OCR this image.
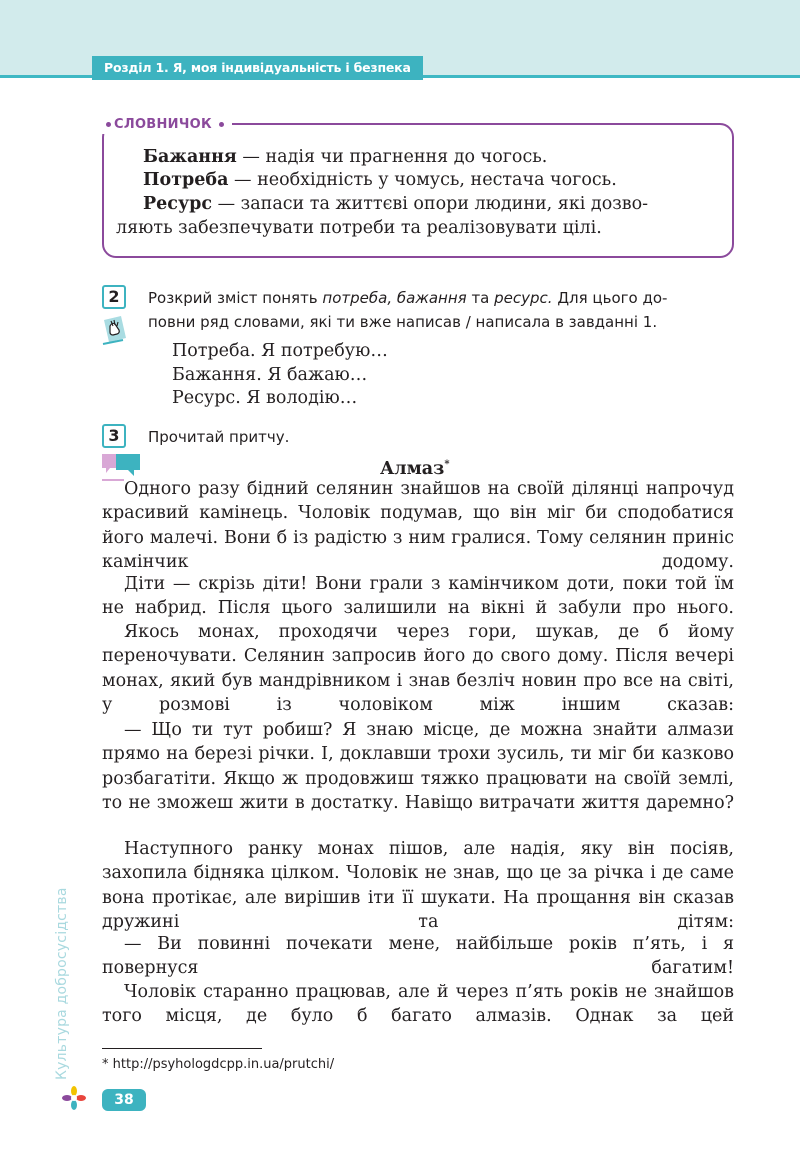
Розділ 1. Я, моя індивідуальність і безпека
СЛОВНИЧОК
Бажання — надія чи прагнення до чогось.
Потреба — необхідність у чомусь, нестача чогось.
Ресурс — запаси та життєві опори людини, які дозво-
ляють забезпечувати потреби та реалізовувати цілі.
2	Розкрий зміст понять потреба, бажання та ресурс. Для цього до-
повни ряд словами, які ти вже написав / написала в завданні 1.
Потреба. Я потребую…
Бажання. Я бажаю…
Ресурс. Я володію…
3	Прочитай притчу.
Алмаз*
Одного разу бідний селянин знайшов на своїй ділянці напрочуд красивий камінець. Чоловік подумав, що він міг би сподобатися його малечі. Вони б із радістю з ним гралися. Тому селянин приніс камінчик додому.
Діти — скрізь діти! Вони грали з камінчиком доти, поки той їм не набрид. Після цього залишили на вікні й забули про нього.
Якось монах, проходячи через гори, шукав, де б йому переночувати. Селянин запросив його до свого дому. Після вечері монах, який був мандрівником і знав безліч новин про все на світі, у розмові із чоловіком між іншим сказав:
— Що ти тут робиш? Я знаю місце, де можна знайти алмази прямо на березі річки. І, доклавши трохи зусиль, ти міг би казково розбагатіти. Якщо ж продовжиш тяжко працювати на своїй землі, то не зможеш жити в достатку. Навіщо витрачати життя даремно?
Наступного ранку монах пішов, але надія, яку він посіяв, захопила бідняка цілком. Чоловік не знав, що це за річка і де саме вона протікає, але вирішив іти її шукати. На прощання він сказав дружині та дітям:
— Ви повинні почекати мене, найбільше років п’ять, і я повернуся багатим!
Чоловік старанно працював, але й через п’ять років не знайшов того місця, де було б багато алмазів. Однак за цей
* http://psyhologdcpp.in.ua/prutchi/
Культура добросусідства
38
